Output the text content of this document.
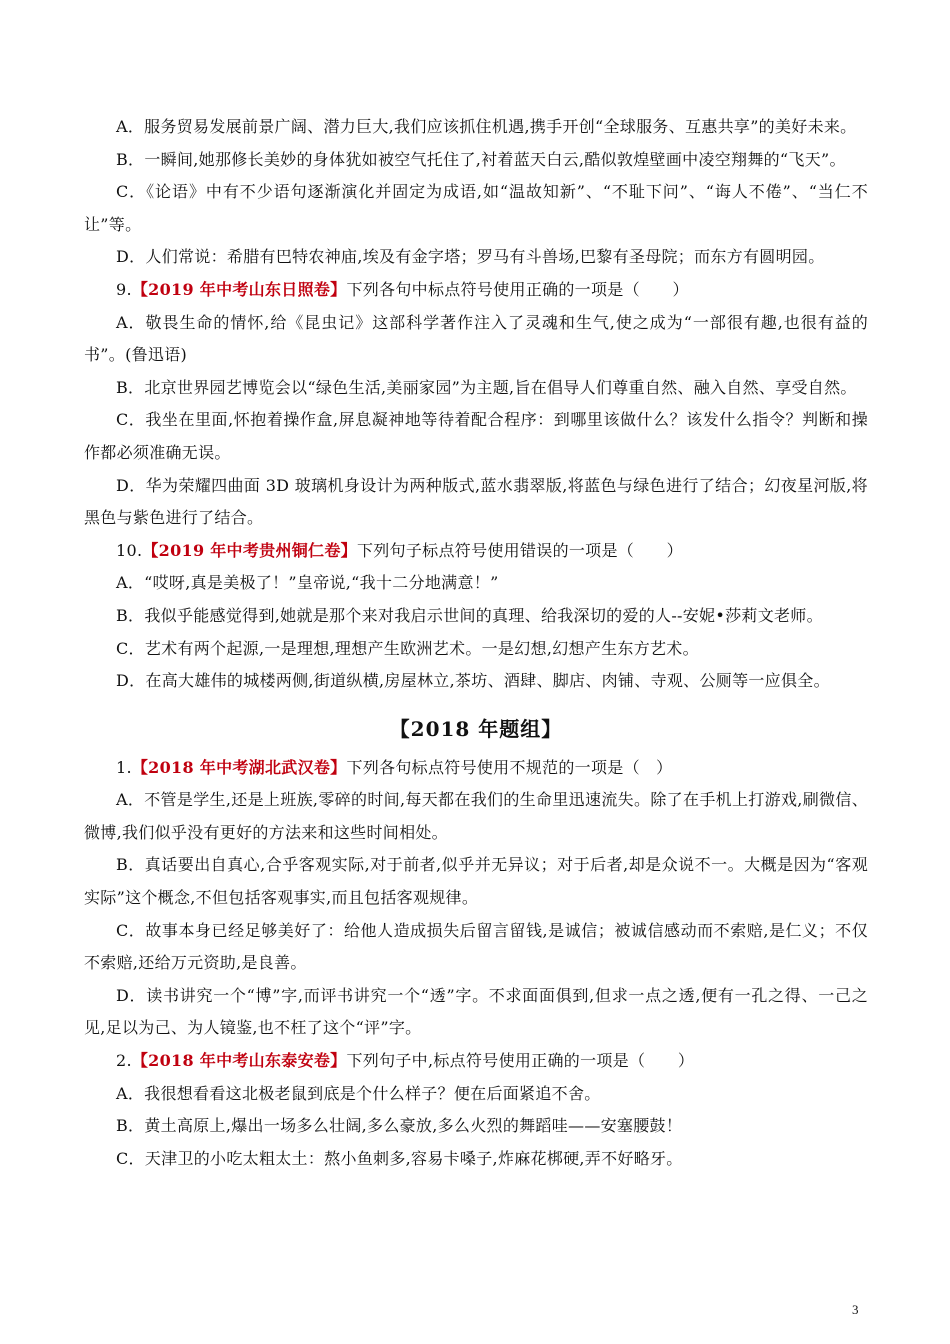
A．服务贸易发展前景广阔、潜力巨大,我们应该抓住机遇,携手开创“全球服务、互惠共享”的美好未来。

B．一瞬间,她那修长美妙的身体犹如被空气托住了,衬着蓝天白云,酷似敦煌壁画中凌空翔舞的“飞天”。

C．《论语》中有不少语句逐渐演化并固定为成语,如“温故知新”、“不耻下问”、“诲人不倦”、“当仁不让”等。

D．人们常说：希腊有巴特农神庙,埃及有金字塔；罗马有斗兽场,巴黎有圣母院；而东方有圆明园。

9.【2019 年中考山东日照卷】下列各句中标点符号使用正确的一项是（　　）

A．敬畏生命的情怀,给《昆虫记》这部科学著作注入了灵魂和生气,使之成为“一部很有趣,也很有益的书”。(鲁迅语)

B．北京世界园艺博览会以“绿色生活,美丽家园”为主题,旨在倡导人们尊重自然、融入自然、享受自然。

C．我坐在里面,怀抱着操作盒,屏息凝神地等待着配合程序：到哪里该做什么？该发什么指令？判断和操作都必须准确无误。

D．华为荣耀四曲面 3D 玻璃机身设计为两种版式,蓝水翡翠版,将蓝色与绿色进行了结合；幻夜星河版,将黑色与紫色进行了结合。

10.【2019 年中考贵州铜仁卷】下列句子标点符号使用错误的一项是（　　）

A．“哎呀,真是美极了！”皇帝说,“我十二分地满意！”

B．我似乎能感觉得到,她就是那个来对我启示世间的真理、给我深切的爱的人--安妮•莎莉文老师。

C．艺术有两个起源,一是理想,理想产生欧洲艺术。一是幻想,幻想产生东方艺术。

D．在高大雄伟的城楼两侧,街道纵横,房屋林立,茶坊、酒肆、脚店、肉铺、寺观、公厕等一应俱全。

【2018 年题组】

1.【2018 年中考湖北武汉卷】下列各句标点符号使用不规范的一项是（　）

A．不管是学生,还是上班族,零碎的时间,每天都在我们的生命里迅速流失。除了在手机上打游戏,刷微信、微博,我们似乎没有更好的方法来和这些时间相处。

B．真话要出自真心,合乎客观实际,对于前者,似乎并无异议；对于后者,却是众说不一。大概是因为“客观实际”这个概念,不但包括客观事实,而且包括客观规律。

C．故事本身已经足够美好了：给他人造成损失后留言留钱,是诚信；被诚信感动而不索赔,是仁义；不仅不索赔,还给万元资助,是良善。

D．读书讲究一个“博”字,而评书讲究一个“透”字。不求面面俱到,但求一点之透,便有一孔之得、一己之见,足以为己、为人镜鉴,也不枉了这个“评”字。

2.【2018 年中考山东泰安卷】下列句子中,标点符号使用正确的一项是（　　）

A．我很想看看这北极老鼠到底是个什么样子？便在后面紧追不舍。

B．黄土高原上,爆出一场多么壮阔,多么豪放,多么火烈的舞蹈哇——安塞腰鼓！

C．天津卫的小吃太粗太土：熬小鱼刺多,容易卡嗓子,炸麻花梆硬,弄不好略牙。

3
